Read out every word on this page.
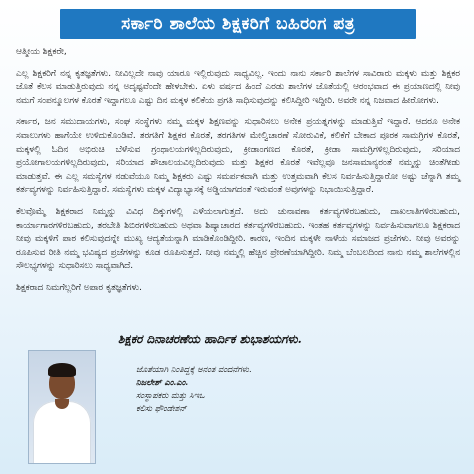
ಸರ್ಕಾರಿ ಶಾಲೆಯ ಶಿಕ್ಷಕರಿಗೆ ಬಹಿರಂಗ ಪತ್ರ

ಆತ್ಮೀಯ ಶಿಕ್ಷಕರೇ,

ಎಲ್ಲ ಶಿಕ್ಷಕರಿಗೆ ನನ್ನ ಕೃತಜ್ಞತೆಗಳು. ನೀವಿಲ್ಲದೇ ನಾವು ಯಾರೂ ಇಲ್ಲಿರುವುದು ಸಾಧ್ಯವಿಲ್ಲ. ಇಂದು ನಾನು ಸರ್ಕಾರಿ ಶಾಲೆಗಳ ಸಾವಿರಾರು ಮಕ್ಕಳು ಮತ್ತು ಶಿಕ್ಷಕರ ಜೊತೆ ಕೆಲಸ ಮಾಡುತ್ತಿರುವುದು ನನ್ನ ಅದೃಷ್ಟವೆಂದೇ ಹೇಳಬೇಕು. ಏಳು ವರ್ಷದ ಹಿಂದೆ ಎರಡು ಶಾಲೆಗಳ ಜೊತೆಯಲ್ಲಿ ಆರಂಭವಾದ ಈ ಪ್ರಯಾಣದಲ್ಲಿ ನೀವು ನಮಗೆ ಸಂಪನ್ಮೂಲಗಳ ಕೊರತೆ ಇದ್ದಾಗಲೂ ಎಷ್ಟು ದಿನ ಮಕ್ಕಳ ಕಲಿಕೆಯ ಪ್ರಗತಿ ಸಾಧಿಸುವುದನ್ನು ಕಲಿಸಿದ್ದೀರಿ ಇದ್ದೀರಿ. ಅವರೇ ನನ್ನ ನಿಜವಾದ ಹೀರೋಗಳು.

ಸರ್ಕಾರ, ಜನ ಸಮುದಾಯಗಳು, ಸಂಘ ಸಂಸ್ಥೆಗಳು ನಮ್ಮ ಮಕ್ಕಳ ಶಿಕ್ಷಣವನ್ನು ಸುಧಾರಿಸಲು ಅನೇಕ ಪ್ರಯತ್ನಗಳನ್ನು ಮಾಡುತ್ತಿವೆ ಇದ್ದಾರೆ. ಆದರೂ ಅನೇಕ ಸವಾಲುಗಳು ಹಾಗೆಯೇ ಉಳಿದುಕೊಂಡಿವೆ. ತರಗತಿಗೆ ಶಿಕ್ಷಕರ ಕೊರತೆ, ತರಗತಿಗಳ ಮೇಲ್ವಿಚಾರಣೆ ಸೋರುವಿಕೆ, ಕಲಿಕೆಗೆ ಬೇಕಾದ ಪೂರಕ ಸಾಮಗ್ರಿಗಳ ಕೊರತೆ, ಮಕ್ಕಳಲ್ಲಿ ಓದಿನ ಅಭಿರುಚಿ ಬೆಳೆಸುವ ಗ್ರಂಥಾಲಯಗಳಿಲ್ಲದಿರುವುದು, ಕ್ರೀಡಾಂಗಣದ ಕೊರತೆ, ಕ್ರೀಡಾ ಸಾಮಗ್ರಿಗಳಿಲ್ಲದಿರುವುದು, ಸರಿಯಾದ ಪ್ರಯೋಗಾಲಯಗಳಿಲ್ಲದಿರುವುದು, ಸರಿಯಾದ ಶೌಚಾಲಯವಿಲ್ಲದಿರುವುದು ಮತ್ತು ಶಿಕ್ಷಕರ ಕೊರತೆ ಇವೆಲ್ಲವೂ ಜನಸಾಮಾನ್ಯರಂತೆ ನಮ್ಮನ್ನು ಚಿಂತೆಗೀಡು ಮಾಡುತ್ತವೆ. ಈ ಎಲ್ಲ ಸಮಸ್ಯೆಗಳ ನಡುವೆಯೂ ನಿಮ್ಮ ಶಿಕ್ಷಕರು ಎಷ್ಟು ಸಮರ್ಪಕವಾಗಿ ಮತ್ತು ಉತ್ತಮವಾಗಿ ಕೆಲಸ ನಿರ್ವಹಿಸುತ್ತಿದ್ದಾರೋ ಅಷ್ಟು ಚೆನ್ನಾಗಿ ತಮ್ಮ ಕರ್ತವ್ಯಗಳನ್ನು ನಿರ್ವಹಿಸುತ್ತಿದ್ದಾರೆ. ಸಮಸ್ಯೆಗಳು ಮಕ್ಕಳ ವಿದ್ಯಾಭ್ಯಾಸಕ್ಕೆ ಅಡ್ಡಿಯಾಗದಂತೆ ಇರುವಂತೆ ಅವುಗಳನ್ನು ನಿಭಾಯಿಸುತ್ತಿದ್ದಾರೆ.

ಕೆಲವೊಮ್ಮೆ ಶಿಕ್ಷಕರಾದ ನಿಮ್ಮನ್ನು ವಿವಿಧ ದಿಕ್ಕುಗಳಲ್ಲಿ ಎಳೆಯಲಾಗುತ್ತದೆ. ಅದು ಚುನಾವಣಾ ಕರ್ತವ್ಯಗಳಿರಬಹುದು, ದಾಖಲಾತಿಗಳಿರಬಹುದು, ಕಾರ್ಯಾಗಾರಗಳಿರಬಹುದು, ತರಬೇತಿ ಶಿಬಿರಗಳಿರಬಹುದು ಅಥವಾ ಶಿಷ್ಯಾಚಾರದ ಕರ್ತವ್ಯಗಳಿರಬಹುದು. ಇಂತಹ ಕರ್ತವ್ಯಗಳನ್ನು ನಿರ್ವಹಿಸುವಾಗಲೂ ಶಿಕ್ಷಕರಾದ ನೀವು ಮಕ್ಕಳಿಗೆ ಪಾಠ ಕಲಿಸುವುದನ್ನೇ ಮುಖ್ಯ ಆದ್ಯತೆಯನ್ನಾಗಿ ಮಾಡಿಕೊಂಡಿದ್ದೀರಿ. ಕಾರಣ, ಇಂದಿನ ಮಕ್ಕಳೇ ನಾಳೆಯ ಸಮಾಜದ ಪ್ರಜೆಗಳು. ನೀವು ಅವರನ್ನು ರೂಪಿಸುವ ರೀತಿ ನಮ್ಮ ಭವಿಷ್ಯದ ಪ್ರಜೆಗಳನ್ನು ಕೂಡ ರೂಪಿಸುತ್ತದೆ. ನೀವು ನಮ್ಮಲ್ಲಿ ಹೆಚ್ಚಿನ ಪ್ರೇರಣೆಯಾಗಿದ್ದೀರಿ. ನಿಮ್ಮ ಬೆಂಬಲದಿಂದ ನಾನು ನಮ್ಮ ಶಾಲೆಗಳಲ್ಲಿನ ಸೌಲಭ್ಯಗಳನ್ನು ಸುಧಾರಿಸಲು ಸಾಧ್ಯವಾಗಿದೆ.

ಶಿಕ್ಷಕರಾದ ನಿಮಗೆಲ್ಲರಿಗೆ ಅಪಾರ ಕೃತಜ್ಞತೆಗಳು.

ಶಿಕ್ಷಕರ ದಿನಾಚರಣೆಯ ಹಾರ್ದಿಕ ಶುಭಾಶಯಗಳು.
ಜೊತೆಯಾಗಿ ನಿಂತಿದ್ದಕ್ಕೆ ಅನಂತ ವಂದನೆಗಳು.
ನಿಜಲೇಶ್ ಎಂ.ಎಂ.
ಸಂಸ್ಥಾಪಕರು ಮತ್ತು ಸಿಇಒ
ಕಲಿಸು ಫೌಂಡೇಶನ್
